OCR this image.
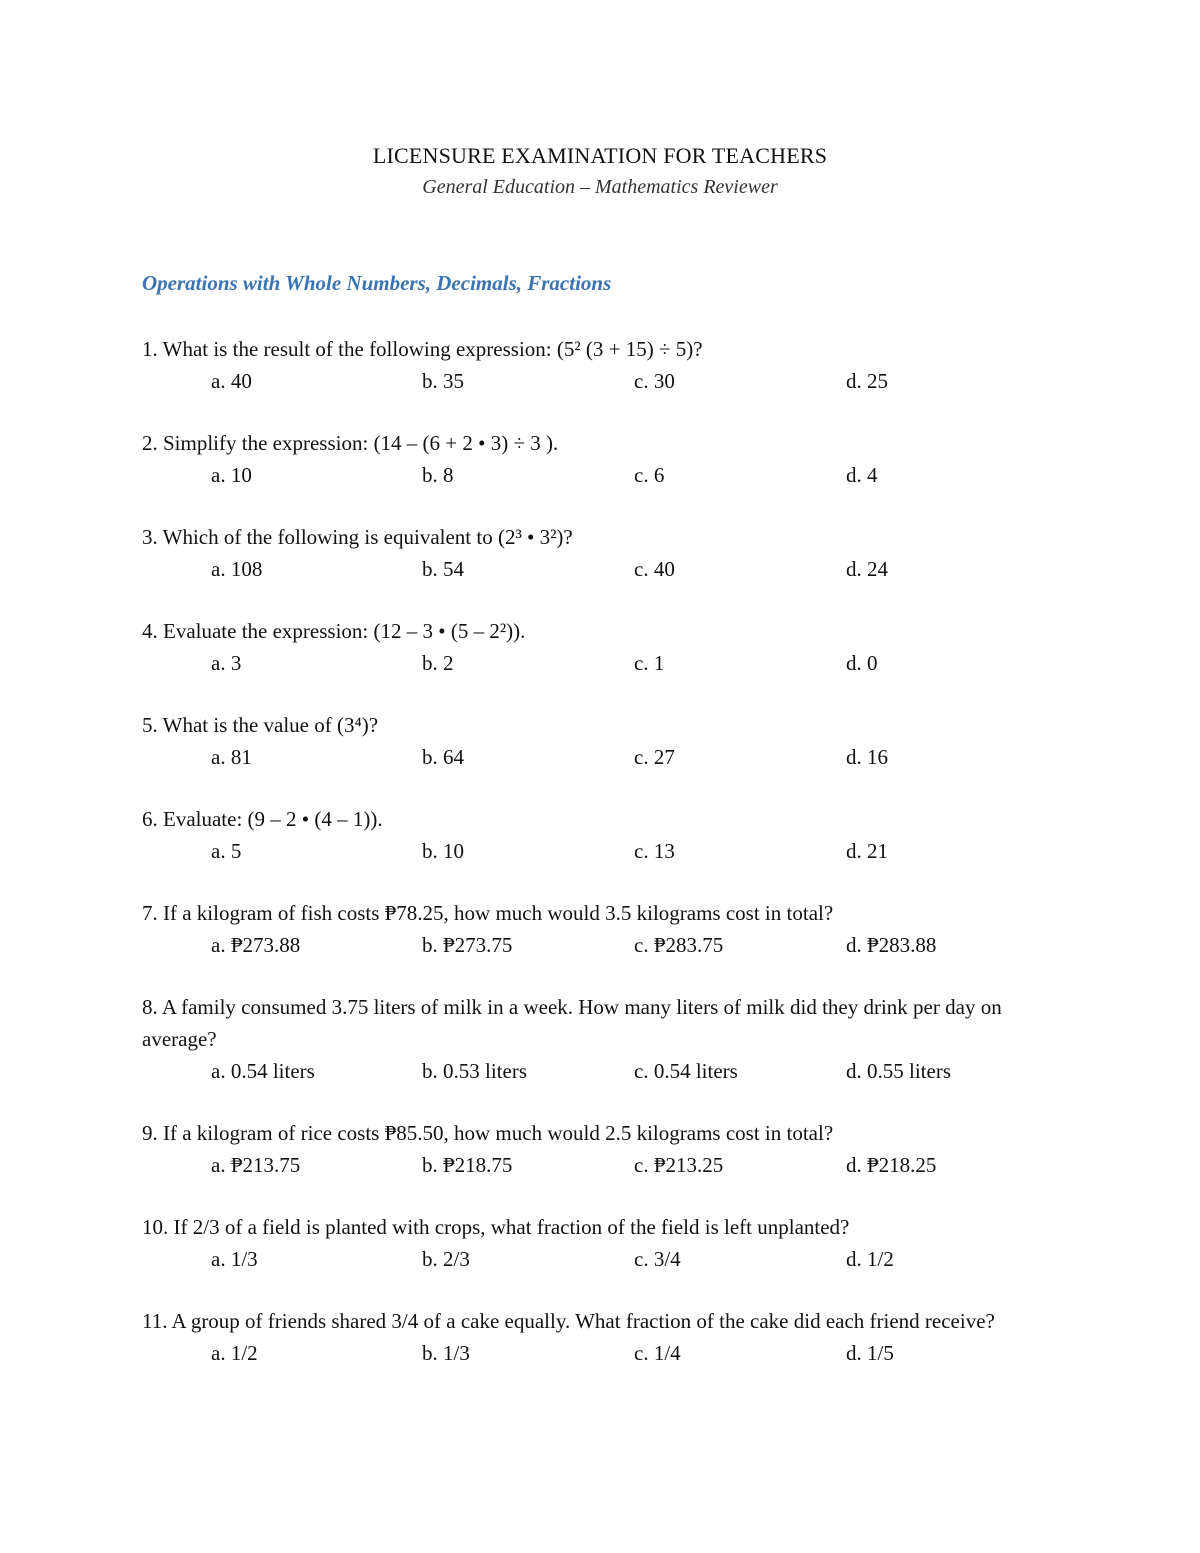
LICENSURE EXAMINATION FOR TEACHERS
General Education – Mathematics Reviewer
Operations with Whole Numbers, Decimals, Fractions
1. What is the result of the following expression: (5² (3 + 15) ÷ 5)?
a. 40	b. 35	c. 30	d. 25
2. Simplify the expression: (14 – (6 + 2 • 3) ÷ 3 ).
a. 10	b. 8	c. 6	d. 4
3. Which of the following is equivalent to (2³ • 3²)?
a. 108	b. 54	c. 40	d. 24
4. Evaluate the expression: (12 – 3 • (5 – 2²)).
a. 3	b. 2	c. 1	d. 0
5. What is the value of (3⁴)?
a. 81	b. 64	c. 27	d. 16
6. Evaluate: (9 – 2 • (4 – 1)).
a. 5	b. 10	c. 13	d. 21
7. If a kilogram of fish costs ₱78.25, how much would 3.5 kilograms cost in total?
a. ₱273.88	b. ₱273.75	c. ₱283.75	d. ₱283.88
8. A family consumed 3.75 liters of milk in a week. How many liters of milk did they drink per day on average?
a. 0.54 liters	b. 0.53 liters	c. 0.54 liters	d. 0.55 liters
9. If a kilogram of rice costs ₱85.50, how much would 2.5 kilograms cost in total?
a. ₱213.75	b. ₱218.75	c. ₱213.25	d. ₱218.25
10. If 2/3 of a field is planted with crops, what fraction of the field is left unplanted?
a. 1/3	b. 2/3	c. 3/4	d. 1/2
11. A group of friends shared 3/4 of a cake equally. What fraction of the cake did each friend receive?
a. 1/2	b. 1/3	c. 1/4	d. 1/5
